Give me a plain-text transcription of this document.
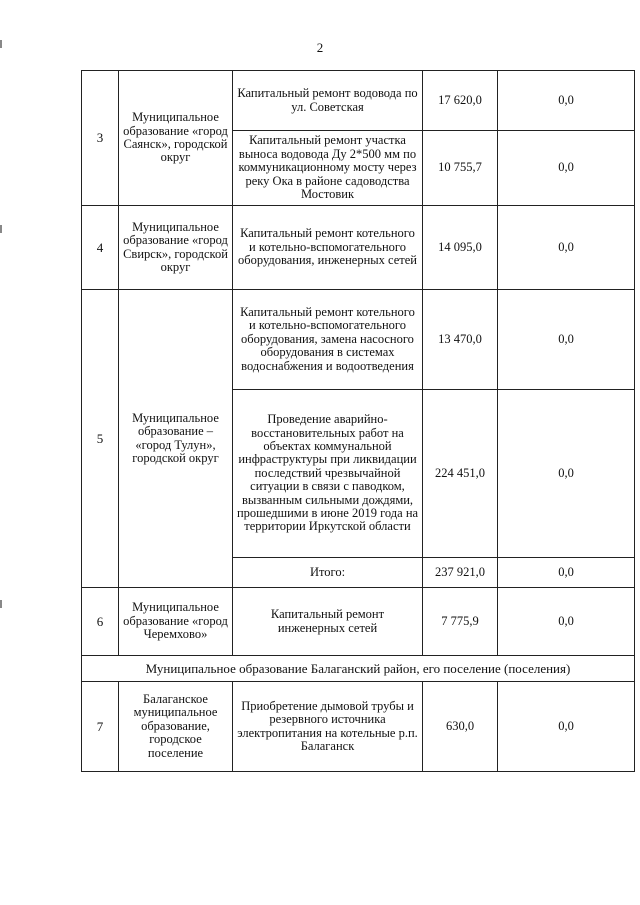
2
3	Муниципальное образование «город Саянск», городской округ	Капитальный ремонт водовода по ул. Советская	17 620,0	0,0
		Капитальный ремонт участка выноса водовода Ду 2*500 мм по коммуникационному мосту через реку Ока в районе садоводства Мостовик	10 755,7	0,0
4	Муниципальное образование «город Свирск», городской округ	Капитальный ремонт котельного и котельно-вспомогательного оборудования, инженерных сетей	14 095,0	0,0
5	Муниципальное образование – «город Тулун», городской округ	Капитальный ремонт котельного и котельно-вспомогательного оборудования, замена насосного оборудования в системах водоснабжения и водоотведения	13 470,0	0,0
		Проведение аварийно-восстановительных работ на объектах коммунальной инфраструктуры при ликвидации последствий чрезвычайной ситуации в связи с паводком, вызванным сильными дождями, прошедшими в июне 2019 года на территории Иркутской области	224 451,0	0,0
		Итого:	237 921,0	0,0
6	Муниципальное образование «город Черемхово»	Капитальный ремонт инженерных сетей	7 775,9	0,0
Муниципальное образование Балаганский район, его поселение (поселения)				
7	Балаганское муниципальное образование, городское поселение	Приобретение дымовой трубы и резервного источника электропитания на котельные р.п. Балаганск	630,0	0,0
